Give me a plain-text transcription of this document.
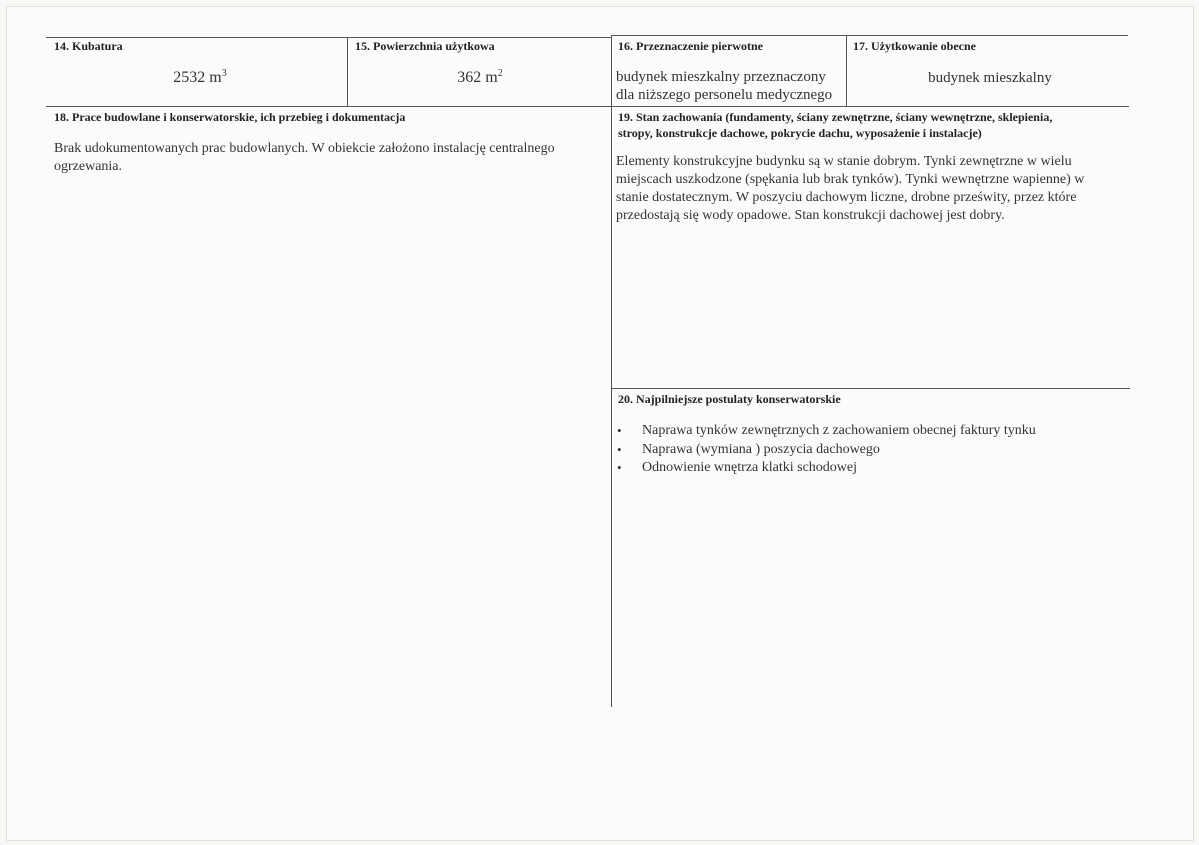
14. Kubatura
2532 $m^3$
15. Powierzchnia użytkowa
362 $m^2$
16. Przeznaczenie pierwotne
budynek mieszkalny przeznaczony
dla niższego personelu medycznego
17. Użytkowanie obecne
budynek mieszkalny
18. Prace budowlane i konserwatorskie, ich przebieg i dokumentacja
Brak udokumentowanych prac budowlanych. W obiekcie założono instalację centralnego
ogrzewania.
19. Stan zachowania (fundamenty, ściany zewnętrzne, ściany wewnętrzne, sklepienia,
stropy, konstrukcje dachowe, pokrycie dachu, wyposażenie i instalacje)
Elementy konstrukcyjne budynku są w stanie dobrym. Tynki zewnętrzne w wielu
miejscach uszkodzone (spękania lub brak tynków). Tynki wewnętrzne wapienne) w
stanie dostatecznym. W poszyciu dachowym liczne, drobne prześwity, przez które
przedostają się wody opadowe. Stan konstrukcji dachowej jest dobry.
20. Najpilniejsze postulaty konserwatorskie
• Naprawa tynków zewnętrznych z zachowaniem obecnej faktury tynku
• Naprawa (wymiana ) poszycia dachowego
• Odnowienie wnętrza klatki schodowej
